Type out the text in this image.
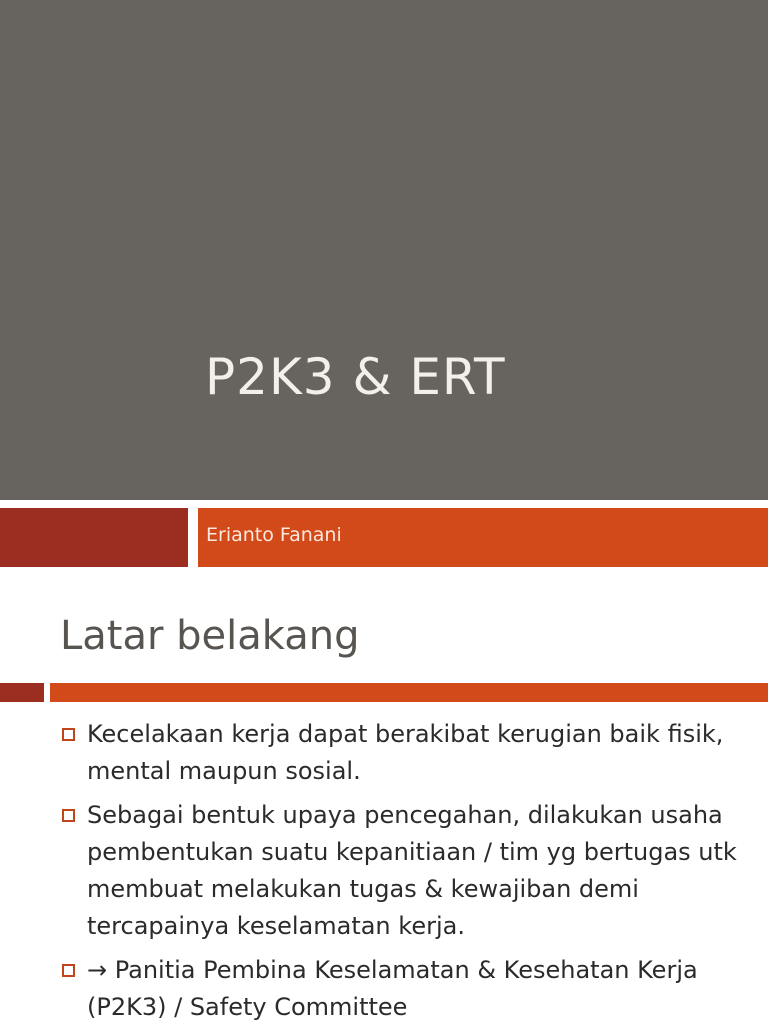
P2K3 & ERT
Erianto Fanani
Latar belakang
Kecelakaan kerja dapat berakibat kerugian baik fisik, mental maupun sosial.
Sebagai bentuk upaya pencegahan, dilakukan usaha pembentukan suatu kepanitiaan / tim yg bertugas utk membuat melakukan tugas & kewajiban demi tercapainya keselamatan kerja.
→ Panitia Pembina Keselamatan & Kesehatan Kerja (P2K3) / Safety Committee
